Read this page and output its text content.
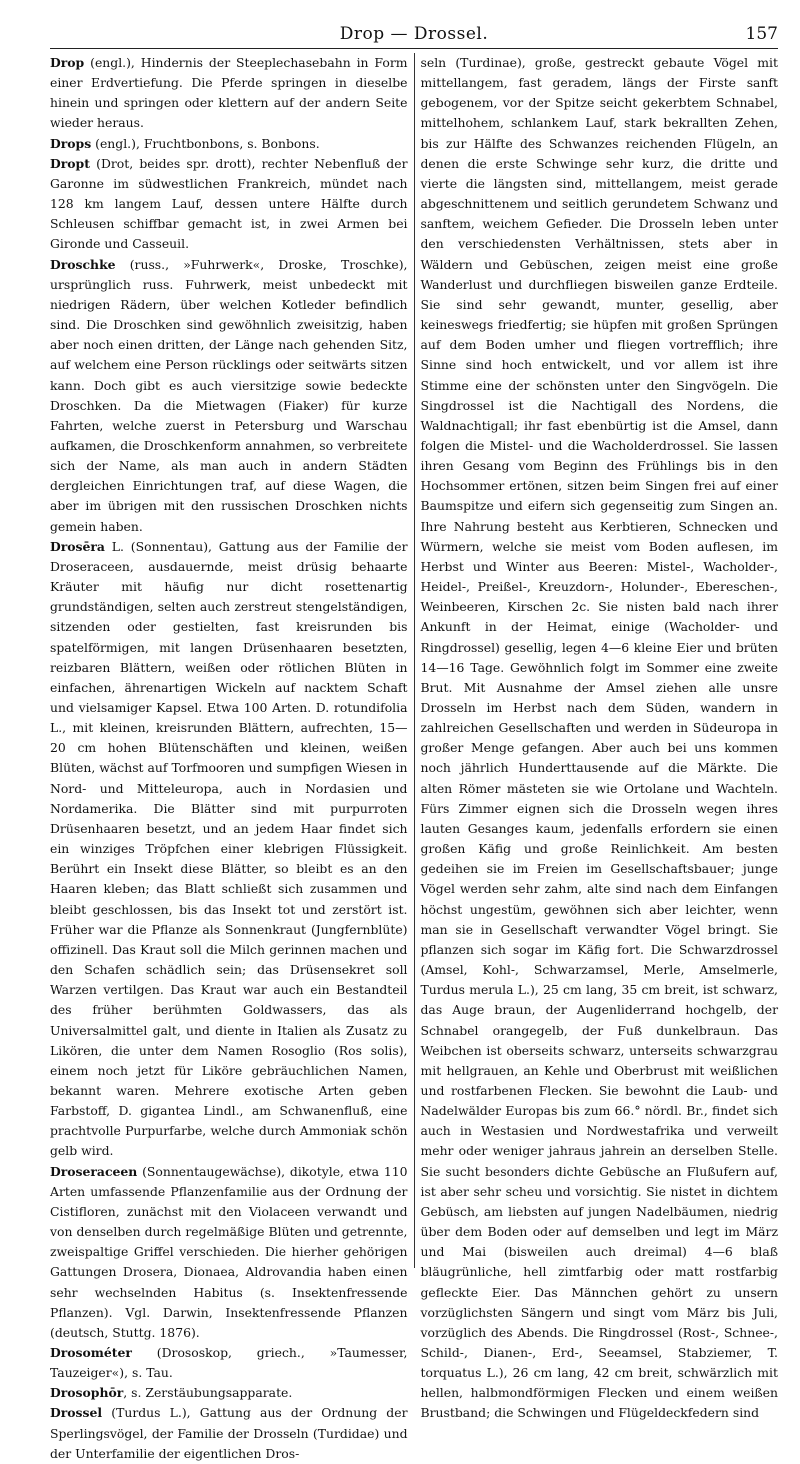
Drop — Drossel.	157

Drop (engl.), Hindernis der Steeplechasebahn in Form einer Erdvertiefung. Die Pferde springen in dieselbe hinein und springen oder klettern auf der andern Seite wieder heraus.

Drops (engl.), Fruchtbonbons, s. Bonbons.

Dropt (Drot, beides spr. drott), rechter Nebenfluß der Garonne im südwestlichen Frankreich, mündet nach 128 km langem Lauf, dessen untere Hälfte durch Schleusen schiffbar gemacht ist, in zwei Armen bei Gironde und Casseuil.

Droschke (russ., »Fuhrwerk«, Droske, Troschke), ursprünglich russ. Fuhrwerk, meist unbedeckt mit niedrigen Rädern, über welchen Kotleder befindlich sind. Die Droschken sind gewöhnlich zweisitzig, haben aber noch einen dritten, der Länge nach gehenden Sitz, auf welchem eine Person rücklings oder seitwärts sitzen kann. Doch gibt es auch viersitzige sowie bedeckte Droschken. Da die Mietwagen (Fiaker) für kurze Fahrten, welche zuerst in Petersburg und Warschau aufkamen, die Droschkenform annahmen, so verbreitete sich der Name, als man auch in andern Städten dergleichen Einrichtungen traf, auf diese Wagen, die aber im übrigen mit den russischen Droschken nichts gemein haben.

Drosēra L. (Sonnentau), Gattung aus der Familie der Droseraceen, ausdauernde, meist drüsig behaarte Kräuter mit häufig nur dicht rosettenartig grundständigen, selten auch zerstreut stengelständigen, sitzenden oder gestielten, fast kreisrunden bis spatelförmigen, mit langen Drüsenhaaren besetzten, reizbaren Blättern, weißen oder rötlichen Blüten in einfachen, ährenartigen Wickeln auf nacktem Schaft und vielsamiger Kapsel. Etwa 100 Arten. D. rotundifolia L., mit kleinen, kreisrunden Blättern, aufrechten, 15—20 cm hohen Blütenschäften und kleinen, weißen Blüten, wächst auf Torfmooren und sumpfigen Wiesen in Nord- und Mitteleuropa, auch in Nordasien und Nordamerika. Die Blätter sind mit purpurroten Drüsenhaaren besetzt, und an jedem Haar findet sich ein winziges Tröpfchen einer klebrigen Flüssigkeit. Berührt ein Insekt diese Blätter, so bleibt es an den Haaren kleben; das Blatt schließt sich zusammen und bleibt geschlossen, bis das Insekt tot und zerstört ist. Früher war die Pflanze als Sonnenkraut (Jungfernblüte) offizinell. Das Kraut soll die Milch gerinnen machen und den Schafen schädlich sein; das Drüsensekret soll Warzen vertilgen. Das Kraut war auch ein Bestandteil des früher berühmten Goldwassers, das als Universalmittel galt, und diente in Italien als Zusatz zu Likören, die unter dem Namen Rosoglio (Ros solis), einem noch jetzt für Liköre gebräuchlichen Namen, bekannt waren. Mehrere exotische Arten geben Farbstoff, D. gigantea Lindl., am Schwanenfluß, eine prachtvolle Purpurfarbe, welche durch Ammoniak schön gelb wird.

Droseraceen (Sonnentaugewächse), dikotyle, etwa 110 Arten umfassende Pflanzenfamilie aus der Ordnung der Cistifloren, zunächst mit den Violaceen verwandt und von denselben durch regelmäßige Blüten und getrennte, zweispaltige Griffel verschieden. Die hierher gehörigen Gattungen Drosera, Dionaea, Aldrovandia haben einen sehr wechselnden Habitus (s. Insektenfressende Pflanzen). Vgl. Darwin, Insektenfressende Pflanzen (deutsch, Stuttg. 1876).

Drosométer (Drososkop, griech., »Taumesser, Tauzeiger«), s. Tau.

Drosophōr, s. Zerstäubungsapparate.

Drossel (Turdus L.), Gattung aus der Ordnung der Sperlingsvögel, der Familie der Drosseln (Turdidae) und der Unterfamilie der eigentlichen Dros-

seln (Turdinae), große, gestreckt gebaute Vögel mit mittellangem, fast geradem, längs der Firste sanft gebogenem, vor der Spitze seicht gekerbtem Schnabel, mittelhohem, schlankem Lauf, stark bekrallten Zehen, bis zur Hälfte des Schwanzes reichenden Flügeln, an denen die erste Schwinge sehr kurz, die dritte und vierte die längsten sind, mittellangem, meist gerade abgeschnittenem und seitlich gerundetem Schwanz und sanftem, weichem Gefieder. Die Drosseln leben unter den verschiedensten Verhältnissen, stets aber in Wäldern und Gebüschen, zeigen meist eine große Wanderlust und durchfliegen bisweilen ganze Erdteile. Sie sind sehr gewandt, munter, gesellig, aber keineswegs friedfertig; sie hüpfen mit großen Sprüngen auf dem Boden umher und fliegen vortrefflich; ihre Sinne sind hoch entwickelt, und vor allem ist ihre Stimme eine der schönsten unter den Singvögeln. Die Singdrossel ist die Nachtigall des Nordens, die Waldnachtigall; ihr fast ebenbürtig ist die Amsel, dann folgen die Mistel- und die Wacholderdrossel. Sie lassen ihren Gesang vom Beginn des Frühlings bis in den Hochsommer ertönen, sitzen beim Singen frei auf einer Baumspitze und eifern sich gegenseitig zum Singen an. Ihre Nahrung besteht aus Kerbtieren, Schnecken und Würmern, welche sie meist vom Boden auflesen, im Herbst und Winter aus Beeren: Mistel-, Wacholder-, Heidel-, Preißel-, Kreuzdorn-, Holunder-, Ebereschen-, Weinbeeren, Kirschen 2c. Sie nisten bald nach ihrer Ankunft in der Heimat, einige (Wacholder- und Ringdrossel) gesellig, legen 4—6 kleine Eier und brüten 14—16 Tage. Gewöhnlich folgt im Sommer eine zweite Brut. Mit Ausnahme der Amsel ziehen alle unsre Drosseln im Herbst nach dem Süden, wandern in zahlreichen Gesellschaften und werden in Südeuropa in großer Menge gefangen. Aber auch bei uns kommen noch jährlich Hunderttausende auf die Märkte. Die alten Römer mästeten sie wie Ortolane und Wachteln. Fürs Zimmer eignen sich die Drosseln wegen ihres lauten Gesanges kaum, jedenfalls erfordern sie einen großen Käfig und große Reinlichkeit. Am besten gedeihen sie im Freien im Gesellschaftsbauer; junge Vögel werden sehr zahm, alte sind nach dem Einfangen höchst ungestüm, gewöhnen sich aber leichter, wenn man sie in Gesellschaft verwandter Vögel bringt. Sie pflanzen sich sogar im Käfig fort. Die Schwarzdrossel (Amsel, Kohl-, Schwarzamsel, Merle, Amselmerle, Turdus merula L.), 25 cm lang, 35 cm breit, ist schwarz, das Auge braun, der Augenliderrand hochgelb, der Schnabel orangegelb, der Fuß dunkelbraun. Das Weibchen ist oberseits schwarz, unterseits schwarzgrau mit hellgrauen, an Kehle und Oberbrust mit weißlichen und rostfarbenen Flecken. Sie bewohnt die Laub- und Nadelwälder Europas bis zum 66.° nördl. Br., findet sich auch in Westasien und Nordwestafrika und verweilt mehr oder weniger jahraus jahrein an derselben Stelle. Sie sucht besonders dichte Gebüsche an Flußufern auf, ist aber sehr scheu und vorsichtig. Sie nistet in dichtem Gebüsch, am liebsten auf jungen Nadelbäumen, niedrig über dem Boden oder auf demselben und legt im März und Mai (bisweilen auch dreimal) 4—6 blaß bläugrünliche, hell zimtfarbig oder matt rostfarbig gefleckte Eier. Das Männchen gehört zu unsern vorzüglichsten Sängern und singt vom März bis Juli, vorzüglich des Abends. Die Ringdrossel (Rost-, Schnee-, Schild-, Dianen-, Erd-, Seeamsel, Stabziemer, T. torquatus L.), 26 cm lang, 42 cm breit, schwärzlich mit hellen, halbmondförmigen Flecken und einem weißen Brustband; die Schwingen und Flügeldeckfedern sind
